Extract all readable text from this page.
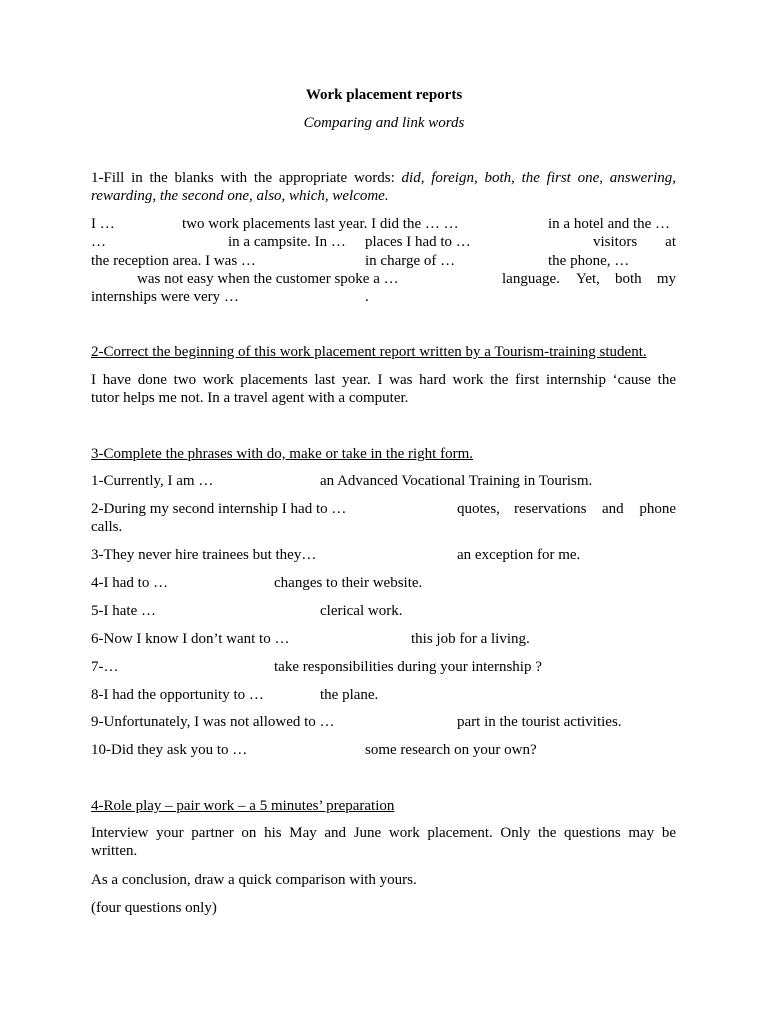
Work placement reports
Comparing and link words
1-Fill in the blanks with the appropriate words: did, foreign, both, the first one, answering,
rewarding, the second one, also, which, welcome.
I …	two work placements last year. I did the … …	in a hotel and the …
…	in a campsite. In … places I had to …	visitors at
the reception area. I was …	in charge of …	the phone, …
was not easy when the customer spoke a …	language. Yet, both my
internships were very …	.
2-Correct the beginning of this work placement report written by a Tourism-training student.
I have done two work placements last year. I was hard work the first internship ‘cause the
tutor helps me not. In a travel agent with a computer.
3-Complete the phrases with do, make or take in the right form.
1-Currently, I am …	an Advanced Vocational Training in Tourism.
2-During my second internship I had to …	quotes, reservations and phone
calls.
3-They never hire trainees but they…	an exception for me.
4-I had to …	changes to their website.
5-I hate …	clerical work.
6-Now I know I don’t want to …	this job for a living.
7-…	take responsibilities during your internship ?
8-I had the opportunity to …	the plane.
9-Unfortunately, I was not allowed to …	part in the tourist activities.
10-Did they ask you to …	some research on your own?
4-Role play – pair work – a 5 minutes’ preparation
Interview your partner on his May and June work placement. Only the questions may be
written.
As a conclusion, draw a quick comparison with yours.
(four questions only)
